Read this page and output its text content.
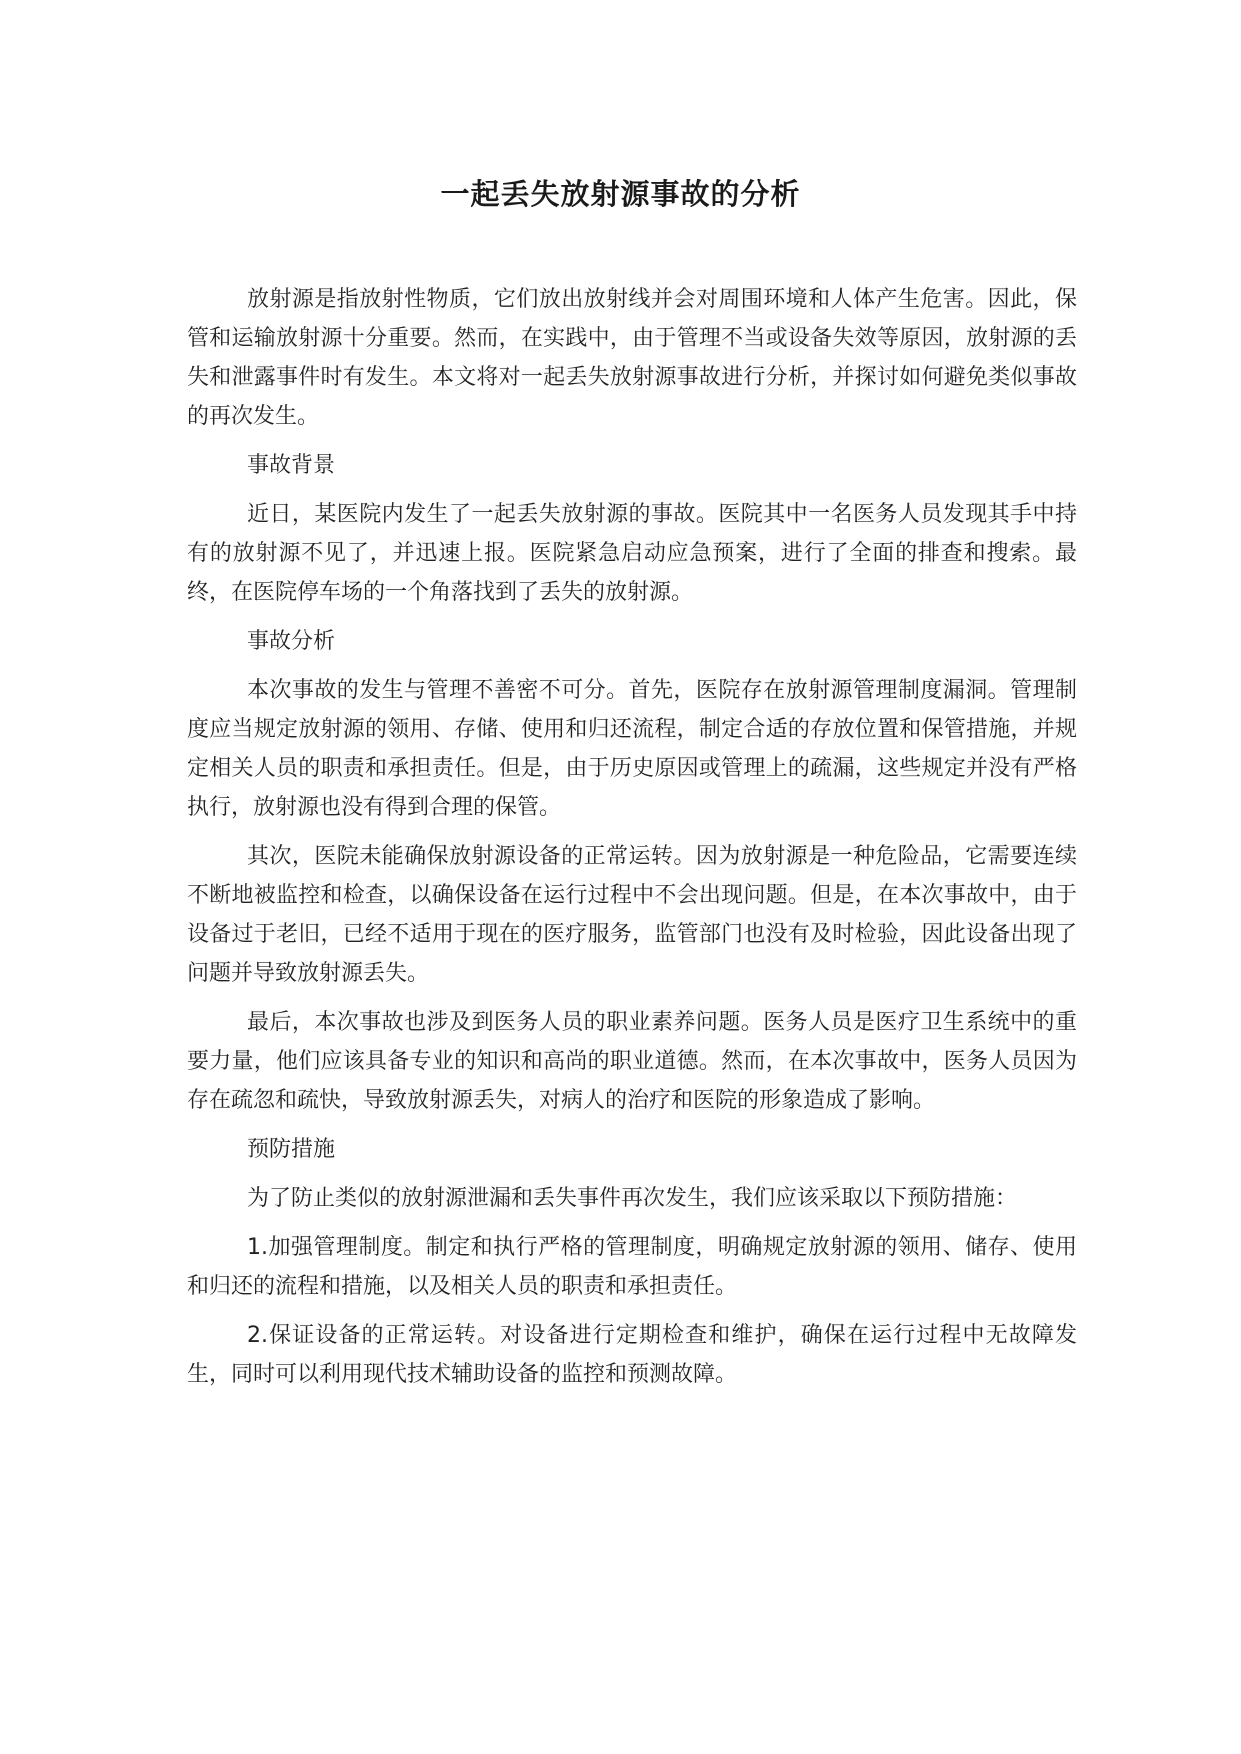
一起丢失放射源事故的分析

放射源是指放射性物质，它们放出放射线并会对周围环境和人体产生危害。因此，保管和运输放射源十分重要。然而，在实践中，由于管理不当或设备失效等原因，放射源的丢失和泄露事件时有发生。本文将对一起丢失放射源事故进行分析，并探讨如何避免类似事故的再次发生。

事故背景

近日，某医院内发生了一起丢失放射源的事故。医院其中一名医务人员发现其手中持有的放射源不见了，并迅速上报。医院紧急启动应急预案，进行了全面的排查和搜索。最终，在医院停车场的一个角落找到了丢失的放射源。

事故分析

本次事故的发生与管理不善密不可分。首先，医院存在放射源管理制度漏洞。管理制度应当规定放射源的领用、存储、使用和归还流程，制定合适的存放位置和保管措施，并规定相关人员的职责和承担责任。但是，由于历史原因或管理上的疏漏，这些规定并没有严格执行，放射源也没有得到合理的保管。

其次，医院未能确保放射源设备的正常运转。因为放射源是一种危险品，它需要连续不断地被监控和检查，以确保设备在运行过程中不会出现问题。但是，在本次事故中，由于设备过于老旧，已经不适用于现在的医疗服务，监管部门也没有及时检验，因此设备出现了问题并导致放射源丢失。

最后，本次事故也涉及到医务人员的职业素养问题。医务人员是医疗卫生系统中的重要力量，他们应该具备专业的知识和高尚的职业道德。然而，在本次事故中，医务人员因为存在疏忽和疏快，导致放射源丢失，对病人的治疗和医院的形象造成了影响。

预防措施

为了防止类似的放射源泄漏和丢失事件再次发生，我们应该采取以下预防措施：

1.加强管理制度。制定和执行严格的管理制度，明确规定放射源的领用、储存、使用和归还的流程和措施，以及相关人员的职责和承担责任。

2.保证设备的正常运转。对设备进行定期检查和维护，确保在运行过程中无故障发生，同时可以利用现代技术辅助设备的监控和预测故障。
